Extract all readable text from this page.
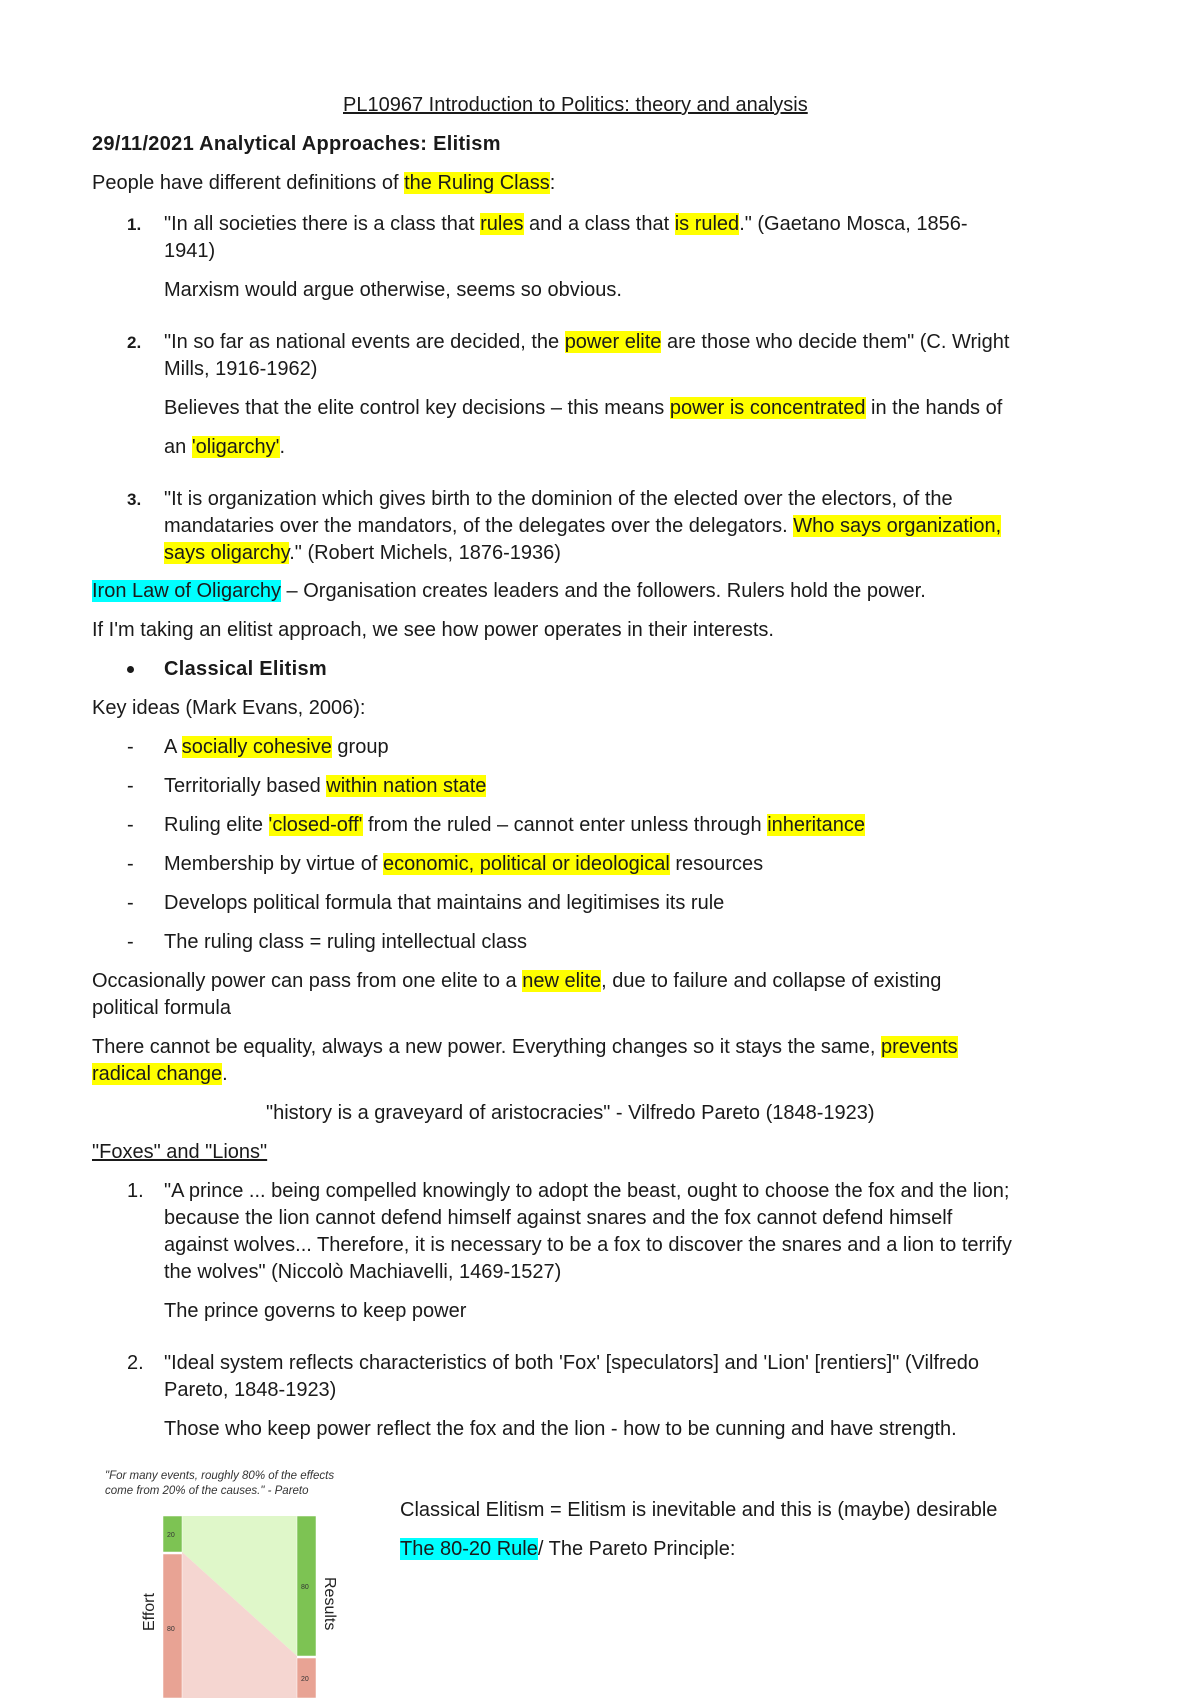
PL10967 Introduction to Politics: theory and analysis
29/11/2021 Analytical Approaches: Elitism
People have different definitions of the Ruling Class:
1. "In all societies there is a class that rules and a class that is ruled." (Gaetano Mosca, 1856-
1941)
Marxism would argue otherwise, seems so obvious.
2. "In so far as national events are decided, the power elite are those who decide them" (C. Wright
Mills, 1916-1962)
Believes that the elite control key decisions – this means power is concentrated in the hands of
an 'oligarchy'.
3. "It is organization which gives birth to the dominion of the elected over the electors, of the
mandataries over the mandators, of the delegates over the delegators. Who says organization,
says oligarchy." (Robert Michels, 1876-1936)
Iron Law of Oligarchy – Organisation creates leaders and the followers. Rulers hold the power.
If I'm taking an elitist approach, we see how power operates in their interests.
Classical Elitism
Key ideas (Mark Evans, 2006):
- A socially cohesive group
- Territorially based within nation state
- Ruling elite 'closed-off' from the ruled – cannot enter unless through inheritance
- Membership by virtue of economic, political or ideological resources
- Develops political formula that maintains and legitimises its rule
- The ruling class = ruling intellectual class
Occasionally power can pass from one elite to a new elite, due to failure and collapse of existing
political formula
There cannot be equality, always a new power. Everything changes so it stays the same, prevents
radical change.
"history is a graveyard of aristocracies" - Vilfredo Pareto (1848-1923)
"Foxes" and "Lions"
1. "A prince ... being compelled knowingly to adopt the beast, ought to choose the fox and the lion;
because the lion cannot defend himself against snares and the fox cannot defend himself
against wolves... Therefore, it is necessary to be a fox to discover the snares and a lion to terrify
the wolves" (Niccolò Machiavelli, 1469-1527)
The prince governs to keep power
2. "Ideal system reflects characteristics of both 'Fox' [speculators] and 'Lion' [rentiers]" (Vilfredo
Pareto, 1848-1923)
Those who keep power reflect the fox and the lion - how to be cunning and have strength.
Classical Elitism = Elitism is inevitable and this is (maybe) desirable
The 80-20 Rule/ The Pareto Principle:
"For many events, roughly 80% of the effects
come from 20% of the causes." - Pareto
20
80
80
20
Effort	Results
